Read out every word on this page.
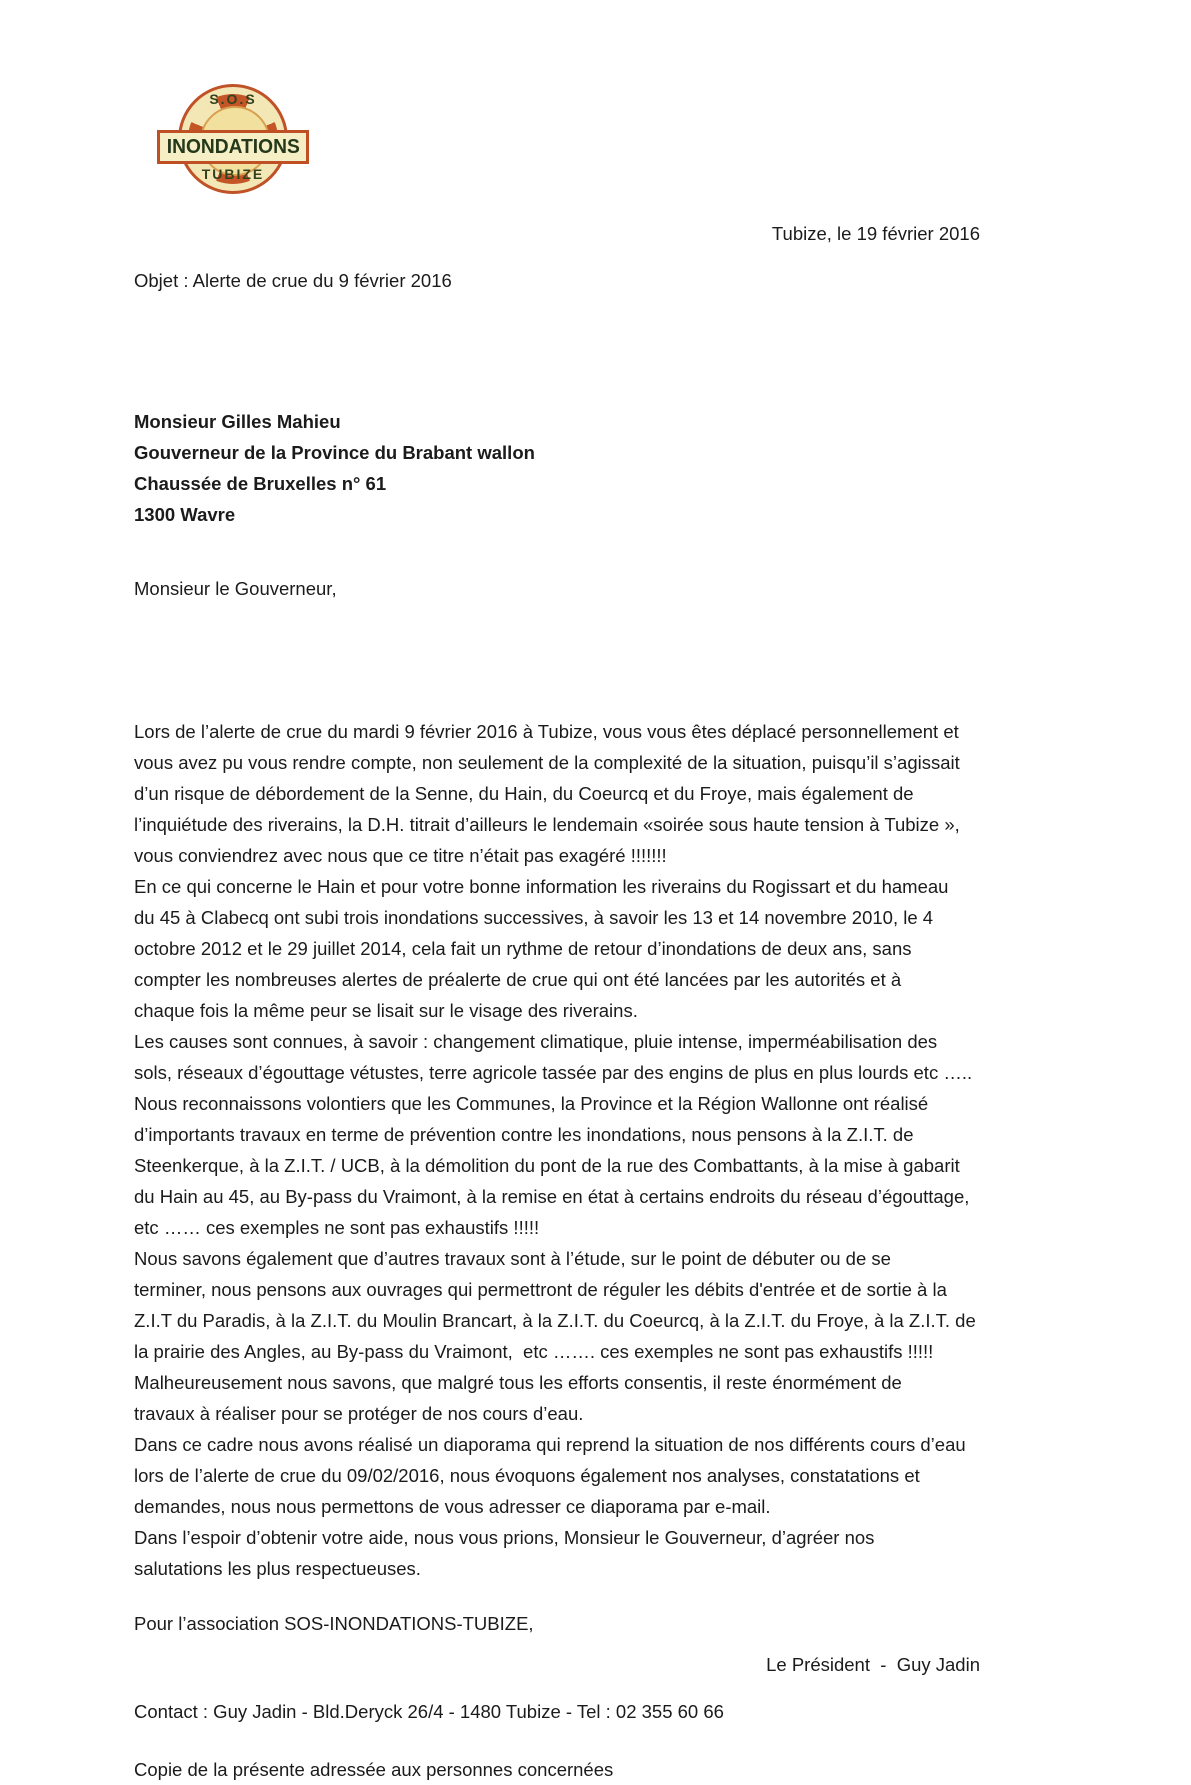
S.O.S
INONDATIONS
TUBIZE
Tubize, le 19 février 2016
Objet : Alerte de crue du 9 février 2016

Monsieur Gilles Mahieu
Gouverneur de la Province du Brabant wallon
Chaussée de Bruxelles n° 61
1300 Wavre
Monsieur le Gouverneur,

Lors de l’alerte de crue du mardi 9 février 2016 à Tubize, vous vous êtes déplacé personnellement et
vous avez pu vous rendre compte, non seulement de la complexité de la situation, puisqu’il s’agissait
d’un risque de débordement de la Senne, du Hain, du Coeurcq et du Froye, mais également de
l’inquiétude des riverains, la D.H. titrait d’ailleurs le lendemain «soirée sous haute tension à Tubize »,
vous conviendrez avec nous que ce titre n’était pas exagéré !!!!!!!
En ce qui concerne le Hain et pour votre bonne information les riverains du Rogissart et du hameau
du 45 à Clabecq ont subi trois inondations successives, à savoir les 13 et 14 novembre 2010, le 4
octobre 2012 et le 29 juillet 2014, cela fait un rythme de retour d’inondations de deux ans, sans
compter les nombreuses alertes de préalerte de crue qui ont été lancées par les autorités et à
chaque fois la même peur se lisait sur le visage des riverains.
Les causes sont connues, à savoir : changement climatique, pluie intense, imperméabilisation des
sols, réseaux d’égouttage vétustes, terre agricole tassée par des engins de plus en plus lourds etc …..
Nous reconnaissons volontiers que les Communes, la Province et la Région Wallonne ont réalisé
d’importants travaux en terme de prévention contre les inondations, nous pensons à la Z.I.T. de
Steenkerque, à la Z.I.T. / UCB, à la démolition du pont de la rue des Combattants, à la mise à gabarit
du Hain au 45, au By-pass du Vraimont, à la remise en état à certains endroits du réseau d’égouttage,
etc …… ces exemples ne sont pas exhaustifs !!!!!
Nous savons également que d’autres travaux sont à l’étude, sur le point de débuter ou de se
terminer, nous pensons aux ouvrages qui permettront de réguler les débits d'entrée et de sortie à la
Z.I.T du Paradis, à la Z.I.T. du Moulin Brancart, à la Z.I.T. du Coeurcq, à la Z.I.T. du Froye, à la Z.I.T. de
la prairie des Angles, au By-pass du Vraimont,  etc ……. ces exemples ne sont pas exhaustifs !!!!!
Malheureusement nous savons, que malgré tous les efforts consentis, il reste énormément de
travaux à réaliser pour se protéger de nos cours d’eau.
Dans ce cadre nous avons réalisé un diaporama qui reprend la situation de nos différents cours d’eau
lors de l’alerte de crue du 09/02/2016, nous évoquons également nos analyses, constatations et
demandes, nous nous permettons de vous adresser ce diaporama par e-mail.
Dans l’espoir d’obtenir votre aide, nous vous prions, Monsieur le Gouverneur, d’agréer nos
salutations les plus respectueuses.
Pour l’association SOS-INONDATIONS-TUBIZE,
Le Président  -  Guy Jadin
Contact : Guy Jadin - Bld.Deryck 26/4 - 1480 Tubize - Tel : 02 355 60 66
Copie de la présente adressée aux personnes concernées
